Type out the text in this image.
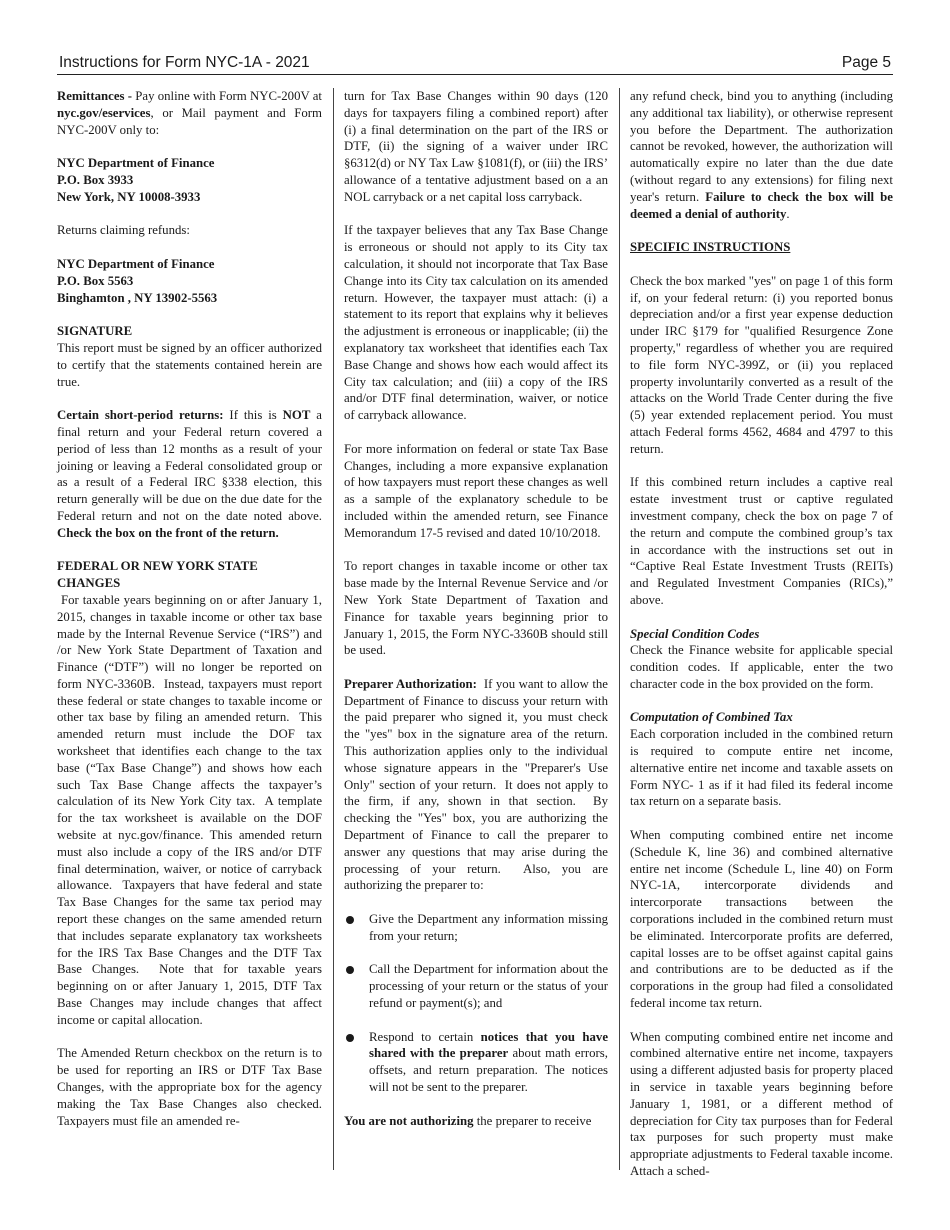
Instructions for Form NYC-1A - 2021	Page 5

Remittances - Pay online with Form NYC-200V at nyc.gov/eservices, or Mail payment and Form NYC-200V only to:

NYC Department of Finance
P.O. Box 3933
New York, NY 10008-3933

Returns claiming refunds:

NYC Department of Finance
P.O. Box 5563
Binghamton , NY 13902-5563
SIGNATURE

This report must be signed by an officer authorized to certify that the statements contained herein are true.

Certain short-period returns: If this is NOT a final return and your Federal return covered a period of less than 12 months as a result of your joining or leaving a Federal consolidated group or as a result of a Federal IRC §338 election, this return generally will be due on the due date for the Federal return and not on the date noted above. Check the box on the front of the return.

FEDERAL OR NEW YORK STATE CHANGES

For taxable years beginning on or after January 1, 2015, changes in taxable income or other tax base made by the Internal Revenue Service (“IRS”) and /or New York State Department of Taxation and Finance (“DTF”) will no longer be reported on form NYC-3360B.  Instead, taxpayers must report these federal or state changes to taxable income or other tax base by filing an amended return.  This amended return must include the DOF tax worksheet that identifies each change to the tax base (“Tax Base Change”) and shows how each such Tax Base Change affects the taxpayer’s calculation of its New York City tax.  A template for the tax worksheet is available on the DOF website at nyc.gov/finance. This amended return must also include a copy of the IRS and/or DTF final determination, waiver, or notice of carryback allowance.  Taxpayers that have federal and state Tax Base Changes for the same tax period may report these changes on the same amended return that includes separate explanatory tax worksheets for the IRS Tax Base Changes and the DTF Tax Base Changes.  Note that for taxable years beginning on or after January 1, 2015, DTF Tax Base Changes may include changes that affect income or capital allocation.

The Amended Return checkbox on the return is to be used for reporting an IRS or DTF Tax Base Changes, with the appropriate box for the agency making the Tax Base Changes also checked. Taxpayers must file an amended re-

turn for Tax Base Changes within 90 days (120 days for taxpayers filing a combined report) after (i) a final determination on the part of the IRS or DTF, (ii) the signing of a waiver under IRC §6312(d) or NY Tax Law §1081(f), or (iii) the IRS’ allowance of a tentative adjustment based on a an NOL carryback or a net capital loss carryback.

If the taxpayer believes that any Tax Base Change is erroneous or should not apply to its City tax calculation, it should not incorporate that Tax Base Change into its City tax calculation on its amended return. However, the taxpayer must attach: (i) a statement to its report that explains why it believes the adjustment is erroneous or inapplicable; (ii) the explanatory tax worksheet that identifies each Tax Base Change and shows how each would affect its City tax calculation; and (iii) a copy of the IRS and/or DTF final determination, waiver, or notice of carryback allowance.

For more information on federal or state Tax Base Changes, including a more expansive explanation of how taxpayers must report these changes as well as a sample of the explanatory schedule to be included within the amended return, see Finance Memorandum 17-5 revised and dated 10/10/2018.

To report changes in taxable income or other tax base made by the Internal Revenue Service and /or New York State Department of Taxation and Finance for taxable years beginning prior to January 1, 2015, the Form NYC-3360B should still be used.

Preparer Authorization:  If you want to allow the Department of Finance to discuss your return with the paid preparer who signed it, you must check the "yes" box in the signature area of the return. This authorization applies only to the individual whose signature appears in the "Preparer's Use Only" section of your return.  It does not apply to the firm, if any, shown in that section.  By checking the "Yes" box, you are authorizing the Department of Finance to call the preparer to answer any questions that may arise during the processing of your return.  Also, you are authorizing the preparer to:

Give the Department any information missing from your return;
Call the Department for information about the processing of your return or the status of your refund or payment(s); and
Respond to certain notices that you have shared with the preparer about math errors, offsets, and return preparation. The notices will not be sent to the preparer.

You are not authorizing the preparer to receive

any refund check, bind you to anything (including any additional tax liability), or otherwise represent you before the Department. The authorization cannot be revoked, however, the authorization will automatically expire no later than the due date (without regard to any extensions) for filing next year's return. Failure to check the box will be deemed a denial of authority.

SPECIFIC INSTRUCTIONS

Check the box marked "yes" on page 1 of this form if, on your federal return: (i) you reported bonus depreciation and/or a first year expense deduction under IRC §179 for "qualified Resurgence Zone property," regardless of whether you are required to file form NYC-399Z, or (ii) you replaced property involuntarily converted as a result of the attacks on the World Trade Center during the five (5) year extended replacement period. You must attach Federal forms 4562, 4684 and 4797 to this return.

If this combined return includes a captive real estate investment trust or captive regulated investment company, check the box on page 7 of the return and compute the combined group’s tax in accordance with the instructions set out in “Captive Real Estate Investment Trusts (REITs) and Regulated Investment Companies (RICs),” above.

Special Condition Codes

Check the Finance website for applicable special condition codes. If applicable, enter the two character code in the box provided on the form.

Computation of Combined Tax

Each corporation included in the combined return is required to compute entire net income, alternative entire net income and taxable assets on Form NYC- 1 as if it had filed its federal income tax return on a separate basis.

When computing combined entire net income (Schedule K, line 36) and combined alternative entire net income (Schedule L, line 40) on Form NYC-1A, intercorporate dividends and intercorporate transactions between the corporations included in the combined return must be eliminated. Intercorporate profits are deferred, capital losses are to be offset against capital gains and contributions are to be deducted as if the corporations in the group had filed a consolidated federal income tax return.

When computing combined entire net income and combined alternative entire net income, taxpayers using a different adjusted basis for property placed in service in taxable years beginning before January 1, 1981, or a different method of depreciation for City tax purposes than for Federal tax purposes for such property must make appropriate adjustments to Federal taxable income. Attach a sched-
